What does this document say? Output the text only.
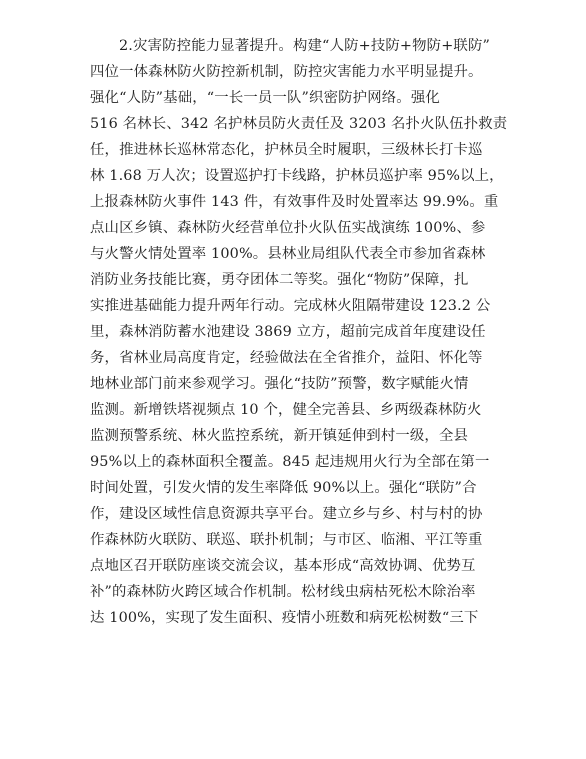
2.灾害防控能力显著提升。构建“人防+技防+物防+联防”
四位一体森林防火防控新机制，防控灾害能力水平明显提升。
强化“人防”基础，“一长一员一队”织密防护网络。强化
516 名林长、342 名护林员防火责任及 3203 名扑火队伍扑救责
任，推进林长巡林常态化，护林员全时履职，三级林长打卡巡
林 1.68 万人次；设置巡护打卡线路，护林员巡护率 95%以上，
上报森林防火事件 143 件，有效事件及时处置率达 99.9%。重
点山区乡镇、森林防火经营单位扑火队伍实战演练 100%、参
与火警火情处置率 100%。县林业局组队代表全市参加省森林
消防业务技能比赛，勇夺团体二等奖。强化“物防”保障，扎
实推进基础能力提升两年行动。完成林火阻隔带建设 123.2 公
里，森林消防蓄水池建设 3869 立方，超前完成首年度建设任
务，省林业局高度肯定，经验做法在全省推介，益阳、怀化等
地林业部门前来参观学习。强化“技防”预警，数字赋能火情
监测。新增铁塔视频点 10 个，健全完善县、乡两级森林防火
监测预警系统、林火监控系统，新开镇延伸到村一级，全县
95%以上的森林面积全覆盖。845 起违规用火行为全部在第一
时间处置，引发火情的发生率降低 90%以上。强化“联防”合
作，建设区域性信息资源共享平台。建立乡与乡、村与村的协
作森林防火联防、联巡、联扑机制；与市区、临湘、平江等重
点地区召开联防座谈交流会议，基本形成“高效协调、优势互
补”的森林防火跨区域合作机制。松材线虫病枯死松木除治率
达 100%，实现了发生面积、疫情小班数和病死松树数“三下
